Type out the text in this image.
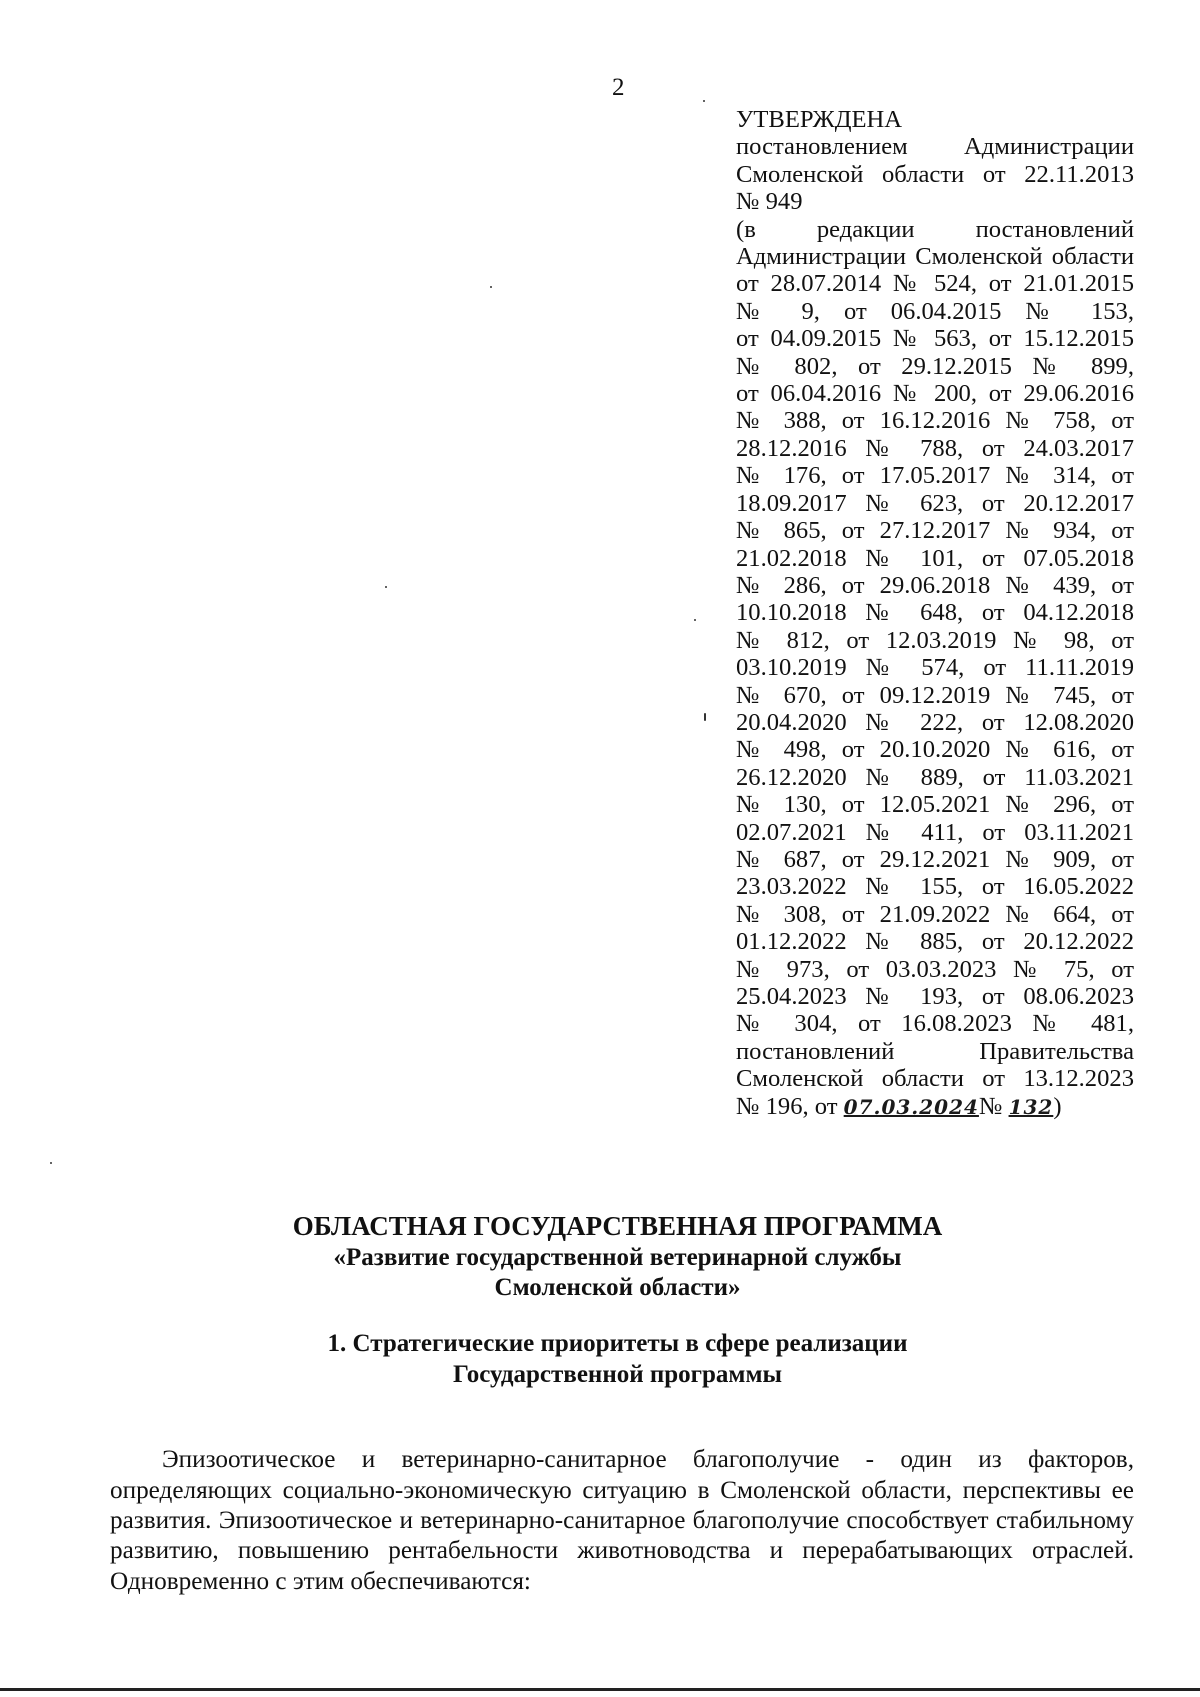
2
УТВЕРЖДЕНА
постановлением Администрации
Смоленской области от 22.11.2013
№ 949
(в редакции постановлений
Администрации Смоленской области
от 28.07.2014 № 524, от 21.01.2015
№ 9, от 06.04.2015 № 153,
от 04.09.2015 № 563, от 15.12.2015
№ 802, от 29.12.2015 № 899,
от 06.04.2016 № 200, от 29.06.2016
№ 388, от 16.12.2016 № 758, от
28.12.2016 № 788, от 24.03.2017
№ 176, от 17.05.2017 № 314, от
18.09.2017 № 623, от 20.12.2017
№ 865, от 27.12.2017 № 934, от
21.02.2018 № 101, от 07.05.2018
№ 286, от 29.06.2018 № 439, от
10.10.2018 № 648, от 04.12.2018
№ 812, от 12.03.2019 № 98, от
03.10.2019 № 574, от 11.11.2019
№ 670, от 09.12.2019 № 745, от
20.04.2020 № 222, от 12.08.2020
№ 498, от 20.10.2020 № 616, от
26.12.2020 № 889, от 11.03.2021
№ 130, от 12.05.2021 № 296, от
02.07.2021 № 411, от 03.11.2021
№ 687, от 29.12.2021 № 909, от
23.03.2022 № 155, от 16.05.2022
№ 308, от 21.09.2022 № 664, от
01.12.2022 № 885, от 20.12.2022
№ 973, от 03.03.2023 № 75, от
25.04.2023 № 193, от 08.06.2023
№ 304, от 16.08.2023 № 481,
постановлений Правительства
Смоленской области от 13.12.2023
№ 196, от 07.03.2024№ 132)
ОБЛАСТНАЯ ГОСУДАРСТВЕННАЯ ПРОГРАММА
«Развитие государственной ветеринарной службы
Смоленской области»
1. Стратегические приоритеты в сфере реализации
Государственной программы

Эпизоотическое и ветеринарно-санитарное благополучие - один из факторов, определяющих социально-экономическую ситуацию в Смоленской области, перспективы ее развития. Эпизоотическое и ветеринарно-санитарное благополучие способствует стабильному развитию, повышению рентабельности животноводства и перерабатывающих отраслей. Одновременно с этим обеспечиваются:
